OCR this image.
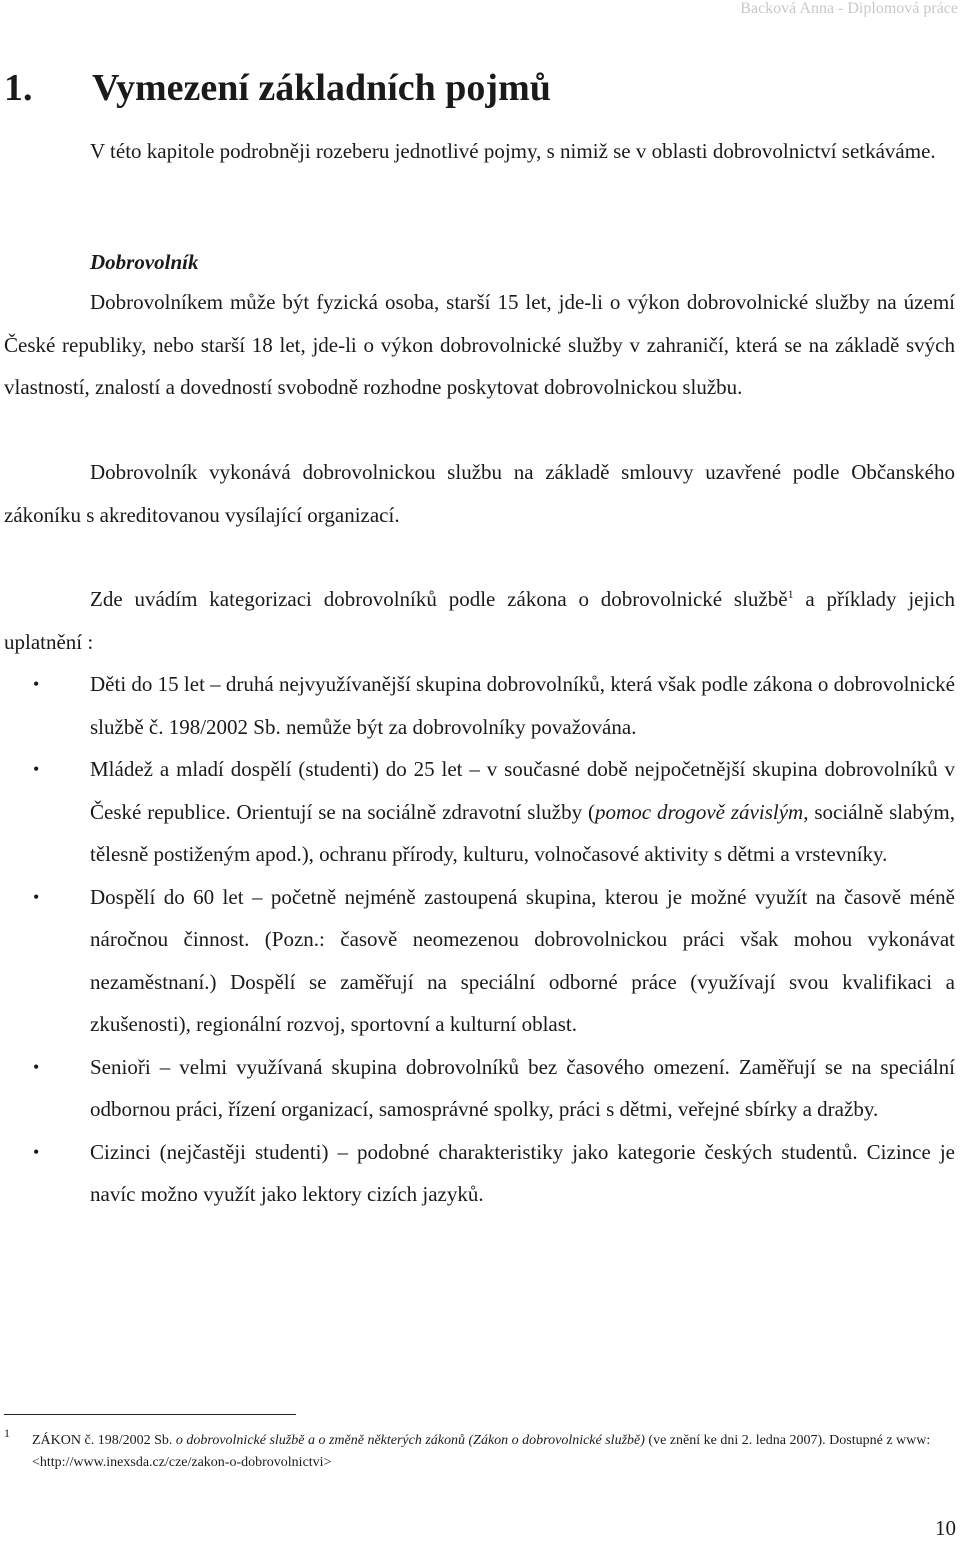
Backová Anna - Diplomová práce
1. Vymezení základních pojmů

V této kapitole podrobněji rozeberu jednotlivé pojmy, s nimiž se v oblasti dobrovolnictví setkáváme.

Dobrovolník

Dobrovolníkem může být fyzická osoba, starší 15 let, jde-li o výkon dobrovolnické služby na území České republiky, nebo starší 18 let, jde-li o výkon dobrovolnické služby v zahraničí, která se na základě svých vlastností, znalostí a dovedností svobodně rozhodne poskytovat dobrovolnickou službu.

Dobrovolník vykonává dobrovolnickou službu na základě smlouvy uzavřené podle Občanského zákoníku s akreditovanou vysílající organizací.

Zde uvádím kategorizaci dobrovolníků podle zákona o dobrovolnické službě$^1$ a příklady jejich uplatnění :

• Děti do 15 let – druhá nejvyužívanější skupina dobrovolníků, která však podle zákona o dobrovolnické službě č. 198/2002 Sb. nemůže být za dobrovolníky považována.
• Mládež a mladí dospělí (studenti) do 25 let – v současné době nejpočetnější skupina dobrovolníků v České republice. Orientují se na sociálně zdravotní služby (pomoc drogově závislým, sociálně slabým, tělesně postiženým apod.), ochranu přírody, kulturu, volnočasové aktivity s dětmi a vrstevníky.
• Dospělí do 60 let – početně nejméně zastoupená skupina, kterou je možné využít na časově méně náročnou činnost. (Pozn.: časově neomezenou dobrovolnickou práci však mohou vykonávat nezaměstnaní.) Dospělí se zaměřují na speciální odborné práce (využívají svou kvalifikaci a zkušenosti), regionální rozvoj, sportovní a kulturní oblast.
• Senioři – velmi využívaná skupina dobrovolníků bez časového omezení. Zaměřují se na speciální odbornou práci, řízení organizací, samosprávné spolky, práci s dětmi, veřejné sbírky a dražby.
• Cizinci (nejčastěji studenti) – podobné charakteristiky jako kategorie českých studentů. Cizince je navíc možno využít jako lektory cizích jazyků.

1	ZÁKON č. 198/2002 Sb. o dobrovolnické službě a o změně některých zákonů (Zákon o dobrovolnické službě) (ve znění ke dni 2. ledna 2007). Dostupné z www: <http://www.inexsda.cz/cze/zakon-o-dobrovolnictvi>

10
